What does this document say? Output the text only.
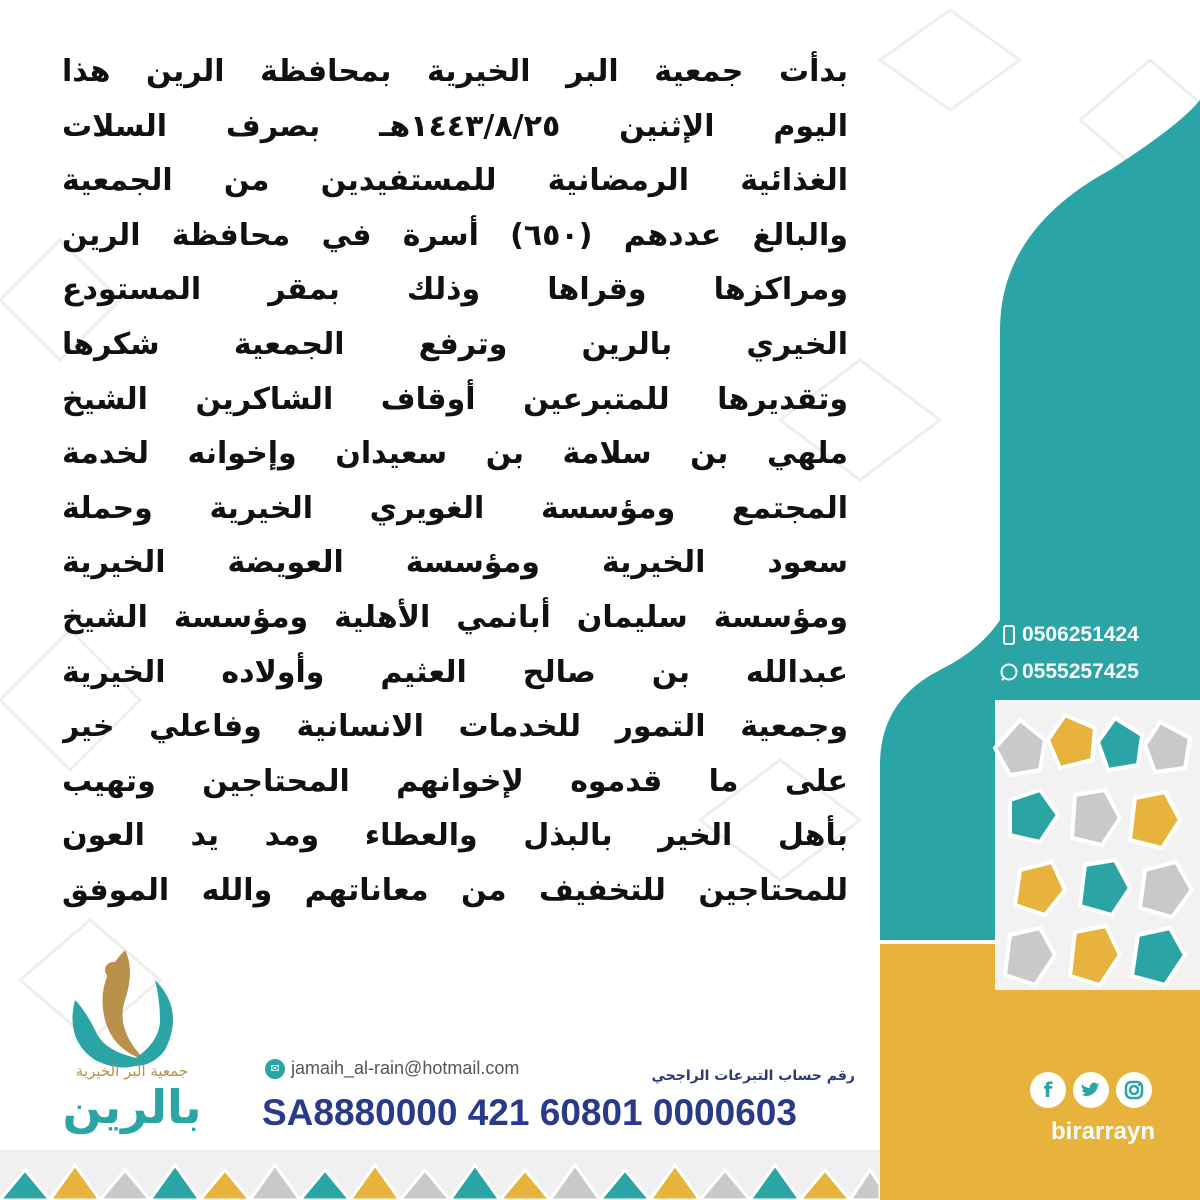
بدأت جمعية البر الخيرية بمحافظة الرين هذا
اليوم الإثنين ١٤٤٣/٨/٢٥هـ بصرف السلات
الغذائية الرمضانية للمستفيدين من الجمعية
والبالغ عددهم (٦٥٠) أسرة في محافظة الرين
ومراكزها وقراها وذلك بمقر المستودع
الخيري بالرين وترفع الجمعية شكرها
وتقديرها للمتبرعين أوقاف الشاكرين الشيخ
ملهي بن سلامة بن سعيدان وإخوانه لخدمة
المجتمع ومؤسسة الغويري الخيرية وحملة
سعود الخيرية ومؤسسة العويضة الخيرية
ومؤسسة سليمان أبانمي الأهلية ومؤسسة الشيخ
عبدالله بن صالح العثيم وأولاده الخيرية
وجمعية التمور للخدمات الانسانية وفاعلي خير
على ما قدموه لإخوانهم المحتاجين وتهيب
بأهل الخير بالبذل والعطاء ومد يد العون
للمحتاجين للتخفيف من معاناتهم والله الموفق
0506251424
0555257425
f
birarrayn
جمعية البر الخيرية
بالرين
✉ jamaih_al-rain@hotmail.com	رقم حساب التبرعات الراجحي
SA8880000 421 60801 0000603
